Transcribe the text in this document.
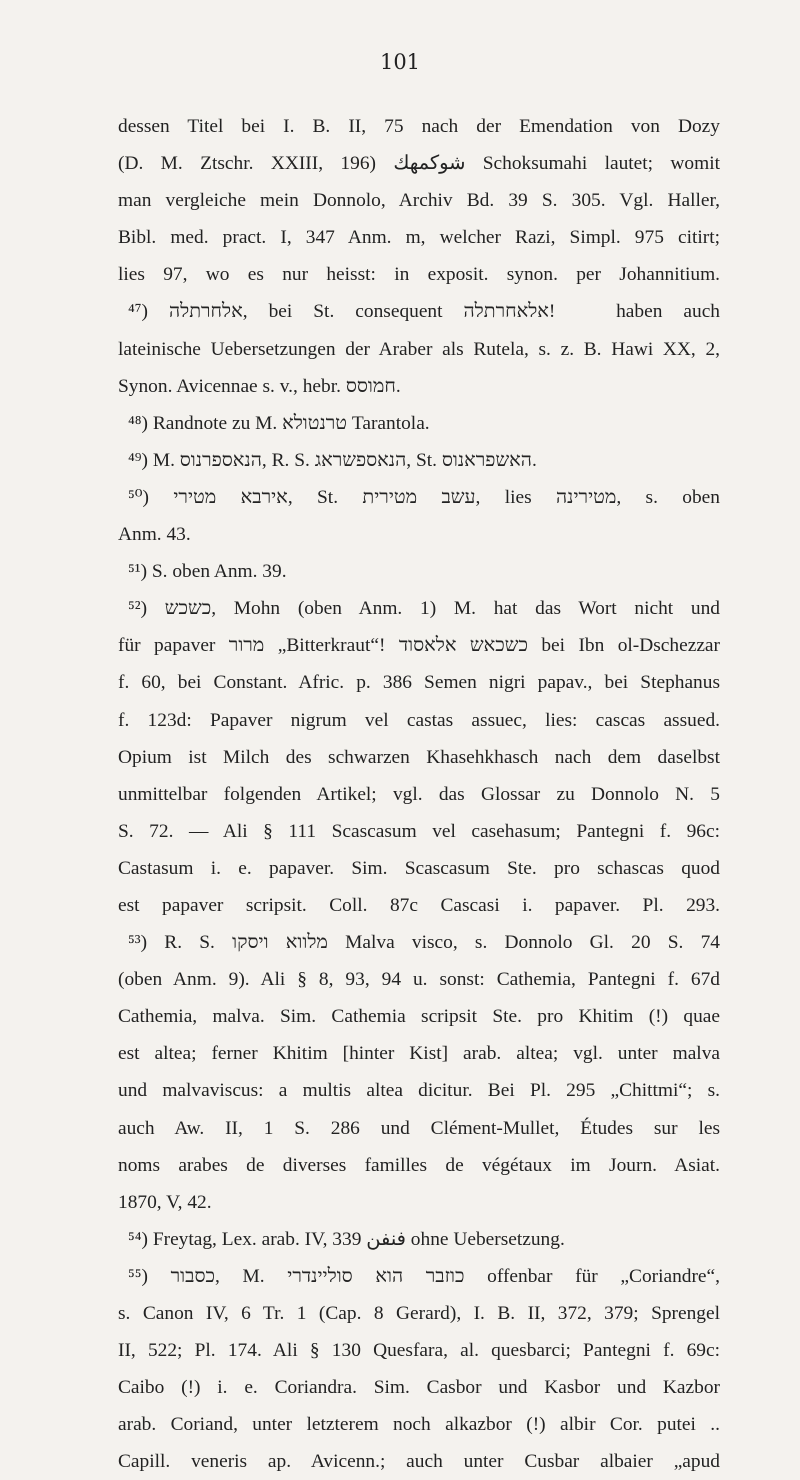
101
dessen Titel bei I. B. II, 75 nach der Emendation von Dozy
(D. M. Ztschr. XXIII, 196) شوكمهك Schoksumahi lautet; womit
man vergleiche mein Donnolo, Archiv Bd. 39 S. 305. Vgl. Haller,
Bibl. med. pract. I, 347 Anm. m, welcher Razi, Simpl. 975 citirt;
lies 97, wo es nur heisst: in exposit. synon. per Johannitium.
⁴⁷) אלחרתלה, bei St. consequent אלאחרתלה! ㅤ haben auch
lateinische Uebersetzungen der Araber als Rutela, s. z. B. Hawi XX, 2,
Synon. Avicennae s. v., hebr. חמוסס.
⁴⁸) Randnote zu M. טרנטולא Tarantola.
⁴⁹) M. הנאספרנוס, R. S. הנאספשראג, St. האשפראנוס.
⁵⁰) אירבא מטירי, St. עשב מטירית, lies מטירינה, s. oben
Anm. 43.
⁵¹) S. oben Anm. 39.
⁵²) כשכש, Mohn (oben Anm. 1) M. hat das Wort nicht und
für papaver מרור „Bitterkraut“! כשכאש אלאסוד bei Ibn ol-Dschezzar
f. 60, bei Constant. Afric. p. 386 Semen nigri papav., bei Stephanus
f. 123d: Papaver nigrum vel castas assuec, lies: cascas assued.
Opium ist Milch des schwarzen Khasehkhasch nach dem daselbst
unmittelbar folgenden Artikel; vgl. das Glossar zu Donnolo N. 5
S. 72. — Ali § 111 Scascasum vel casehasum; Pantegni f. 96c:
Castasum i. e. papaver. Sim. Scascasum Ste. pro schascas quod
est papaver scripsit. Coll. 87c Cascasi i. papaver. Pl. 293.
⁵³) R. S. מלווא ויסקו Malva visco, s. Donnolo Gl. 20 S. 74
(oben Anm. 9). Ali § 8, 93, 94 u. sonst: Cathemia, Pantegni f. 67d
Cathemia, malva. Sim. Cathemia scripsit Ste. pro Khitim (!) quae
est altea; ferner Khitim [hinter Kist] arab. altea; vgl. unter malva
und malvaviscus: a multis altea dicitur. Bei Pl. 295 „Chittmi“; s.
auch Aw. II, 1 S. 286 und Clément-Mullet, Études sur les
noms arabes de diverses familles de végétaux im Journ. Asiat.
1870, V, 42.
⁵⁴) Freytag, Lex. arab. IV, 339 فنفن ohne Uebersetzung.
⁵⁵) כסבור, M. כוזבר הוא סוליינדרי offenbar für „Coriandre“,
s. Canon IV, 6 Tr. 1 (Cap. 8 Gerard), I. B. II, 372, 379; Sprengel
II, 522; Pl. 174. Ali § 130 Quesfara, al. quesbarci; Pantegni f. 69c:
Caibo (!) i. e. Coriandra. Sim. Casbor und Kasbor und Kazbor
arab. Coriand, unter letzterem noch alkazbor (!) albir Cor. putei ..
Capill. veneris ap. Avicenn.; auch unter Cusbar albaier „apud
